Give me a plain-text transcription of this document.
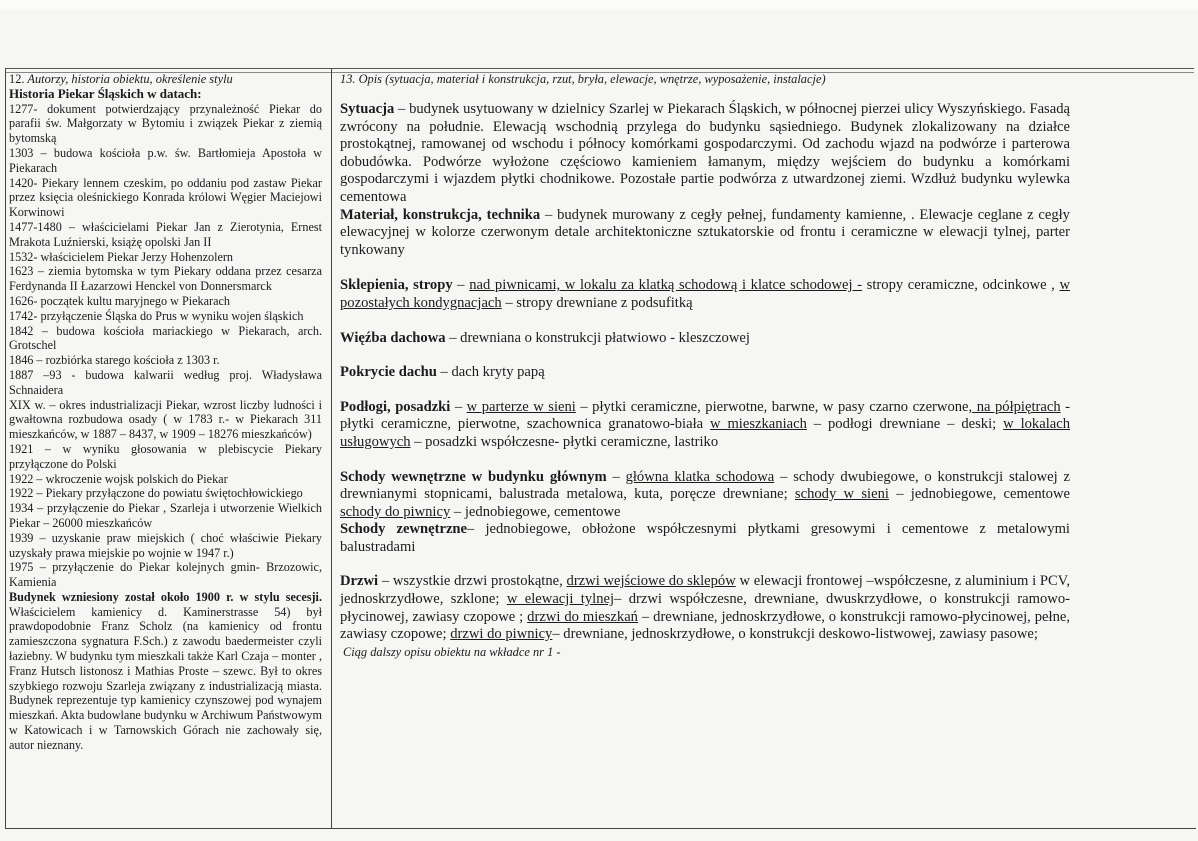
12. Autorzy, historia obiektu, określenie stylu
Historia Piekar Śląskich w datach:
1277- dokument potwierdzający przynależność Piekar do parafii św. Małgorzaty w Bytomiu i związek Piekar z ziemią bytomską
1303 – budowa kościoła p.w. św. Bartłomieja Apostoła w Piekarach
1420- Piekary lennem czeskim, po oddaniu pod zastaw Piekar przez księcia oleśnickiego Konrada królowi Węgier Maciejowi Korwinowi
1477-1480 – właścicielami Piekar Jan z Zierotynia, Ernest Mrakota Luźnierski, książę opolski Jan II
1532- właścicielem Piekar Jerzy Hohenzolern
1623 – ziemia bytomska w tym Piekary oddana przez cesarza Ferdynanda II Łazarzowi Henckel von Donnersmarck
1626- początek kultu maryjnego w Piekarach
1742- przyłączenie Śląska do Prus w wyniku wojen śląskich
1842 – budowa kościoła mariackiego w Piekarach, arch. Grotschel
1846 – rozbiórka starego kościoła z 1303 r.
1887 –93 - budowa kalwarii według proj. Władysława Schnaidera
XIX w. – okres industrializacji Piekar, wzrost liczby ludności i gwałtowna rozbudowa osady ( w 1783 r.- w Piekarach 311 mieszkańców, w 1887 – 8437, w 1909 – 18276 mieszkańców)
1921 – w wyniku głosowania w plebiscycie Piekary przyłączone do Polski
1922 – wkroczenie wojsk polskich do Piekar
1922 – Piekary przyłączone do powiatu świętochłowickiego
1934 – przyłączenie do Piekar , Szarleja i utworzenie Wielkich Piekar – 26000 mieszkańców
1939 – uzyskanie praw miejskich ( choć właściwie Piekary uzyskały prawa miejskie po wojnie w 1947 r.)
1975 – przyłączenie do Piekar kolejnych gmin- Brzozowic, Kamienia
Budynek wzniesiony został około 1900 r. w stylu secesji. Właścicielem kamienicy d. Kaminerstrasse 54) był prawdopodobnie Franz Scholz (na kamienicy od frontu zamieszczona sygnatura F.Sch.) z zawodu baedermeister czyli łaziebny. W budynku tym mieszkali także Karl Czaja – monter , Franz Hutsch listonosz i Mathias Proste – szewc. Był to okres szybkiego rozwoju Szarleja związany z industrializacją miasta. Budynek reprezentuje typ kamienicy czynszowej pod wynajem mieszkań. Akta budowlane budynku w Archiwum Państwowym w Katowicach i w Tarnowskich Górach nie zachowały się, autor nieznany.
13. Opis (sytuacja, materiał i konstrukcja, rzut, bryła, elewacje, wnętrze, wyposażenie, instalacje)

Sytuacja – budynek usytuowany w dzielnicy Szarlej w Piekarach Śląskich, w północnej pierzei ulicy Wyszyńskiego. Fasadą zwrócony na południe. Elewacją wschodnią przylega do budynku sąsiedniego. Budynek zlokalizowany na działce prostokątnej, ramowanej od wschodu i północy komórkami gospodarczymi. Od zachodu wjazd na podwórze i parterowa dobudówka. Podwórze wyłożone częściowo kamieniem łamanym, między wejściem do budynku a komórkami gospodarczymi i wjazdem płytki chodnikowe. Pozostałe partie podwórza z utwardzonej ziemi. Wzdłuż budynku wylewka cementowa

Materiał, konstrukcja, technika – budynek murowany z cegły pełnej, fundamenty kamienne, . Elewacje ceglane z cegły elewacyjnej w kolorze czerwonym detale architektoniczne sztukatorskie od frontu i ceramiczne w elewacji tylnej, parter tynkowany

Sklepienia, stropy – nad piwnicami, w lokalu za klatką schodową i klatce schodowej - stropy ceramiczne, odcinkowe , w pozostałych kondygnacjach – stropy drewniane z podsufitką

Więźba dachowa – drewniana o konstrukcji płatwiowo - kleszczowej

Pokrycie dachu – dach kryty papą

Podłogi, posadzki – w parterze w sieni – płytki ceramiczne, pierwotne, barwne, w pasy czarno czerwone, na półpiętrach - płytki ceramiczne, pierwotne, szachownica granatowo-biała w mieszkaniach – podłogi drewniane – deski; w lokalach usługowych – posadzki współczesne- płytki ceramiczne, lastriko

Schody wewnętrzne w budynku głównym – główna klatka schodowa – schody dwubiegowe, o konstrukcji stalowej z drewnianymi stopnicami, balustrada metalowa, kuta, poręcze drewniane; schody w sieni – jednobiegowe, cementowe schody do piwnicy – jednobiegowe, cementowe

Schody zewnętrzne– jednobiegowe, obłożone współczesnymi płytkami gresowymi i cementowe z metalowymi balustradami

Drzwi – wszystkie drzwi prostokątne, drzwi wejściowe do sklepów w elewacji frontowej –współczesne, z aluminium i PCV, jednoskrzydłowe, szklone; w elewacji tylnej– drzwi współczesne, drewniane, dwuskrzydłowe, o konstrukcji ramowo-płycinowej, zawiasy czopowe ; drzwi do mieszkań – drewniane, jednoskrzydłowe, o konstrukcji ramowo-płycinowej, pełne, zawiasy czopowe; drzwi do piwnicy– drewniane, jednoskrzydłowe, o konstrukcji deskowo-listwowej, zawiasy pasowe;

Ciąg dalszy opisu obiektu na wkładce nr 1 -
